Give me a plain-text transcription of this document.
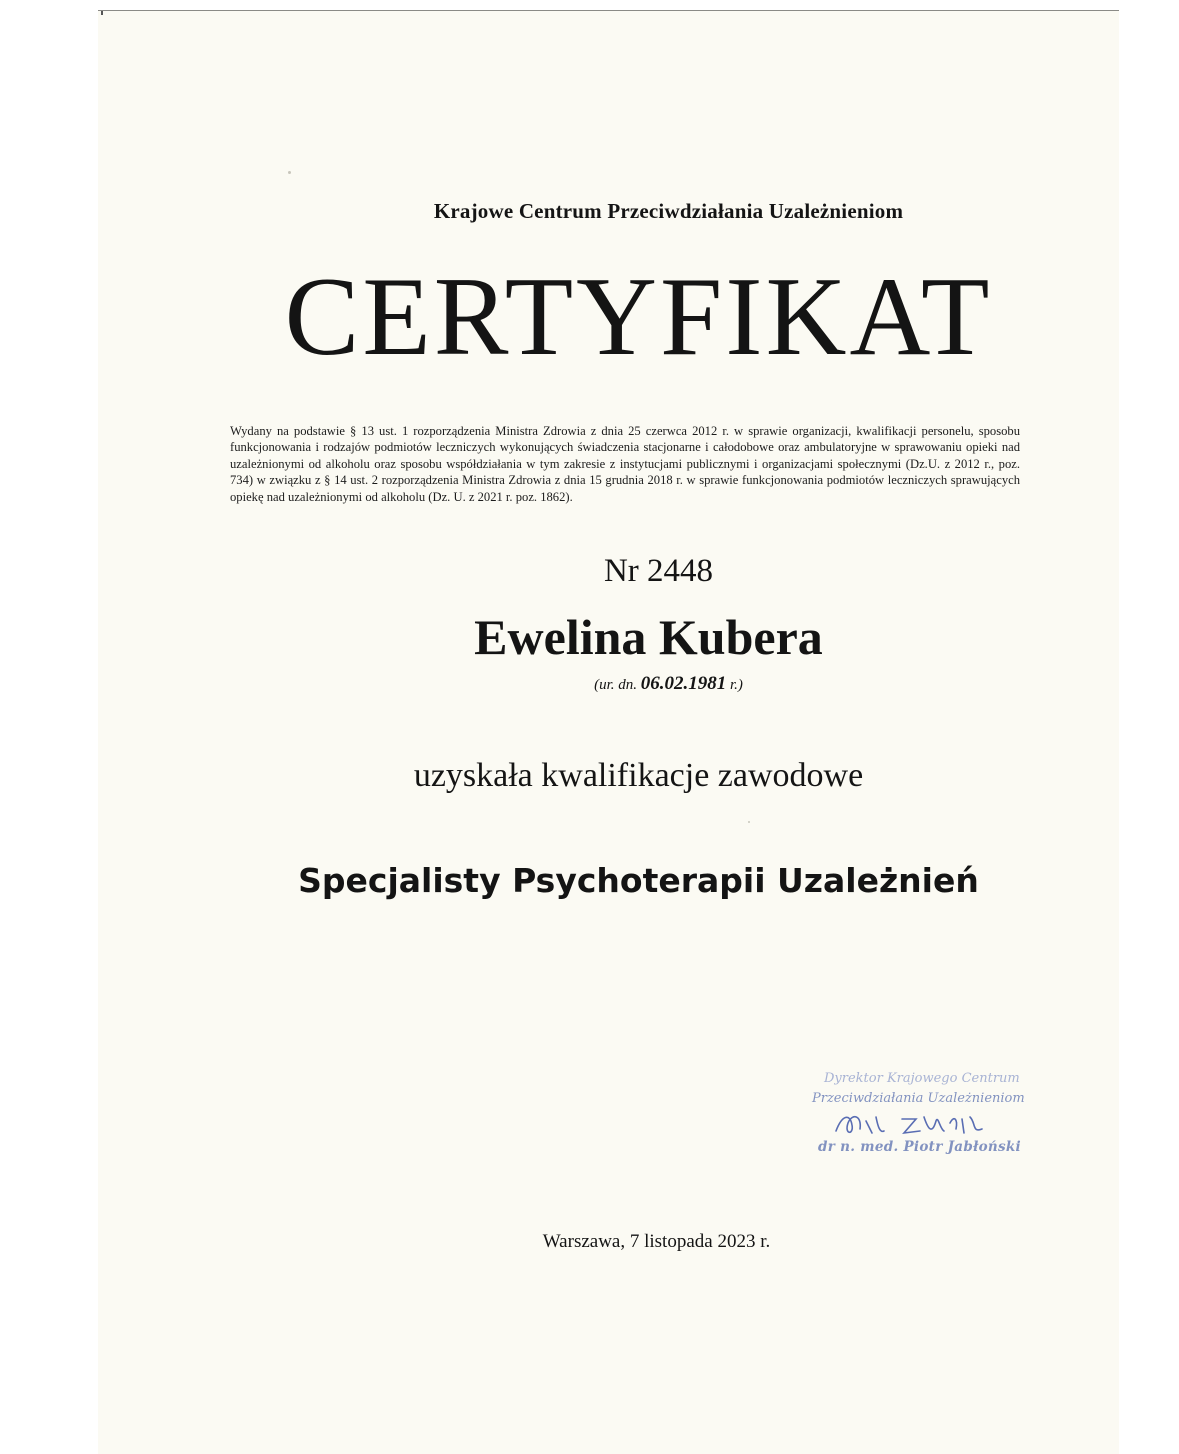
Krajowe Centrum Przeciwdziałania Uzależnieniom
CERTYFIKAT
Wydany na podstawie § 13 ust. 1 rozporządzenia Ministra Zdrowia z dnia 25 czerwca 2012 r. w sprawie organizacji, kwalifikacji personelu, sposobu funkcjonowania i rodzajów podmiotów leczniczych wykonujących świadczenia stacjonarne i całodobowe oraz ambulatoryjne w sprawowaniu opieki nad uzależnionymi od alkoholu oraz sposobu współdziałania w tym zakresie z instytucjami publicznymi i organizacjami społecznymi (Dz.U. z 2012 r., poz. 734) w związku z § 14 ust. 2 rozporządzenia Ministra Zdrowia z dnia 15 grudnia 2018 r. w sprawie funkcjonowania podmiotów leczniczych sprawujących opiekę nad uzależnionymi od alkoholu (Dz. U. z 2021 r. poz. 1862).
Nr 2448
Ewelina Kubera
(ur. dn. 06.02.1981 r.)
uzyskała kwalifikacje zawodowe
Specjalisty Psychoterapii Uzależnień
Dyrektor Krajowego Centrum
Przeciwdziałania Uzależnieniom
dr n. med. Piotr Jabłoński
Warszawa, 7 listopada 2023 r.
